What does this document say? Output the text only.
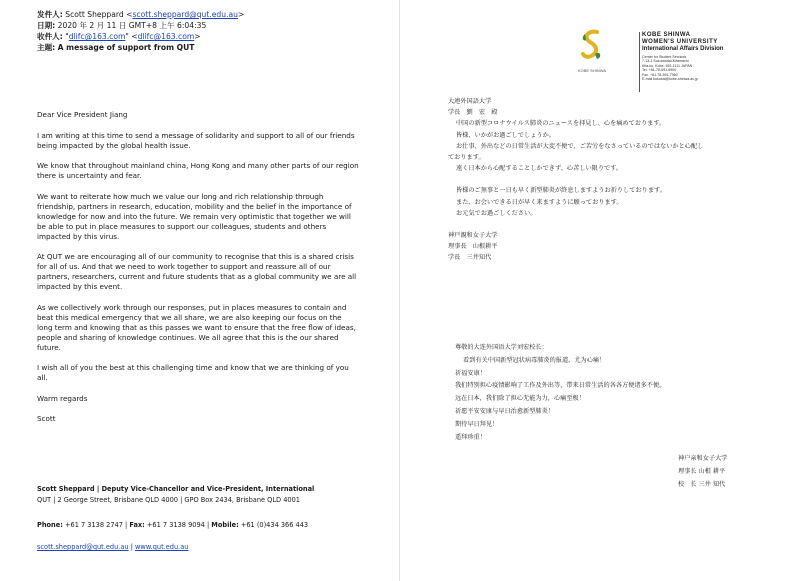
发件人: Scott Sheppard <scott.sheppard@qut.edu.au>
日期: 2020 年 2 月 11 日 GMT+8 上午 6:04:35
收件人: "dlifc@163.com" <dlifc@163.com>
主题: A message of support from QUT

Dear Vice President Jiang

I am writing at this time to send a message of solidarity and support to all of our friends being impacted by the global health issue.

We know that throughout mainland china, Hong Kong and many other parts of our region there is uncertainty and fear.

We want to reiterate how much we value our long and rich relationship through friendship, partners in research, education, mobility and the belief in the importance of knowledge for now and into the future. We remain very optimistic that together we will be able to put in place measures to support our colleagues, students and others impacted by this virus.

At QUT we are encouraging all of our community to recognise that this is a shared crisis for all of us. And that we need to work together to support and reassure all of our partners, researchers, current and future students that as a global community we are all impacted by this event.

As we collectively work through our responses, put in places measures to contain and beat this medical emergency that we all share, we are also keeping our focus on the long term and knowing that as this passes we want to ensure that the free flow of ideas, people and sharing of knowledge continues. We all agree that this is the our shared future.

I wish all of you the best at this challenging time and know that we are thinking of you all.

Warm regards

Scott

Scott Sheppard | Deputy Vice-Chancellor and Vice-President, International
QUT | 2 George Street, Brisbane QLD 4000 | GPO Box 2434, Brisbane QLD 4001
Phone: +61 7 3138 2747 | Fax: +61 7 3138 9094 | Mobile: +61 (0)434 366 443
scott.sheppard@qut.edu.au | www.qut.edu.au
KOBE SHINWA
KOBE SHINWA
WOMEN'S UNIVERSITY
International Affairs Division
Center for Student Services
7-13-1 Suzurandai-Kitamachi
Kita-ku, Kobe, 651-1111 JAPAN
Tel. +81-78-591-5900
Fax. +81-78-591-7960
E-mail kokusai@kobe-shinwa.ac.jp
大連外国語大学
学長　劉　宏　殿
中国の新型コロナウイルス肺炎のニュースを拝見し、心を痛めております。
皆様、いかがお過ごしでしょうか。
お仕事、外出などの日常生活が大変不便で、ご苦労をなさっているのではないかと心配し
ております。
遠く日本から心配することしかできず、心苦しい限りです。
皆様のご無事と一日も早く新型肺炎が終息しますようお祈りしております。
また、お会いできる日が早く来ますように願っております。
お元気でお過ごしください。
神戸親和女子大学
理事長　山根耕平
学長　三井知代
尊敬的大连外国语大学刘宏校长：
看到有关中国新型冠状病毒肺炎的报道，尤为心痛！
祈福安康！
我们特别担心疫情影响了工作及外出等，带来日常生活的各各方便诸多不便。
远在日本，我们除了担心无能为力，心痛至极！
祈愿平安安康与早日治愈新型肺炎！
期待早日拜见！
遥拜珍重！
神户亲和女子大学
理事长 山根 耕平
校　长 三井 知代
